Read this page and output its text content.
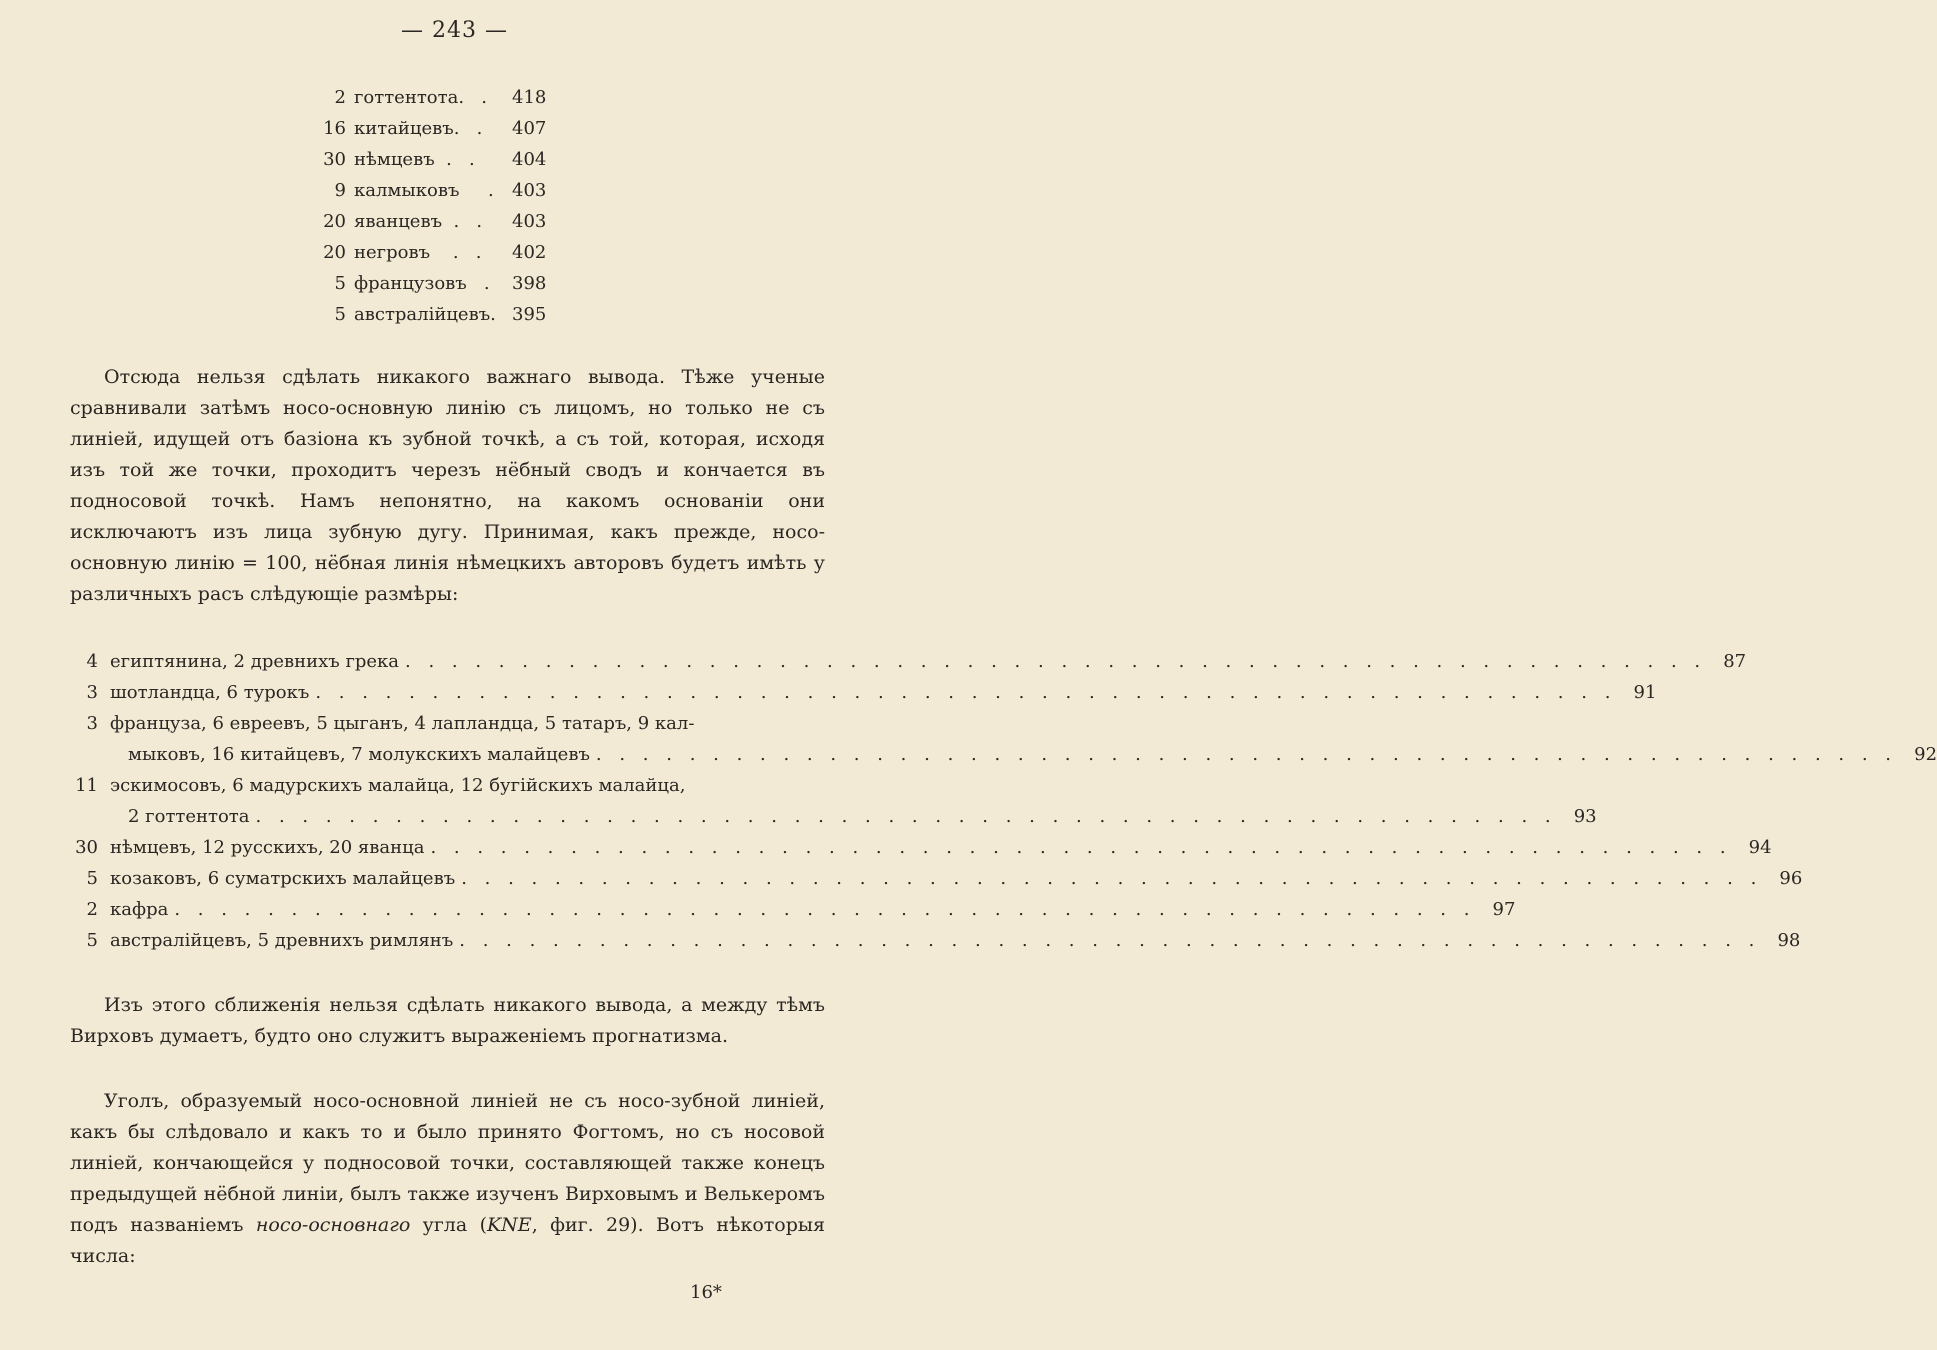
— 243 —
2 готтентота.   .	418
16 китайцевъ.   .	407
30 нѣмцевъ  .   .	404
9 калмыковъ     .	403
20 яванцевъ  .   .	403
20 негровъ    .   .	402
5 французовъ   .	398
5 австралiйцевъ. 395
Отсюда нельзя сдѣлать никакого важнаго вывода. Тѣже ученые сравнивали затѣмъ носо-основную линiю съ лицомъ, но только не съ линiей, идущей отъ базiона къ зубной точкѣ, а съ той, которая, исходя изъ той же точки, проходитъ черезъ нёбный сводъ и кончается въ подносовой точкѣ. Намъ непонятно, на какомъ основанiи они исключаютъ изъ лица зубную дугу. Принимая, какъ прежде, носо-основную линiю = 100, нёбная линiя нѣмецкихъ авторовъ будетъ имѣть у различныхъ расъ слѣдующiе размѣры:
4 египтянина, 2 древнихъ грека . . .	87
3 шотландца, 6 турокъ . . .	91
3 француза, 6 евреевъ, 5 цыганъ, 4 лапландца, 5 татаръ, 9 кал-
мыковъ, 16 китайцевъ, 7 молукскихъ малайцевъ . . .	92
11 эскимосовъ, 6 мадурскихъ малайца, 12 бугiйскихъ малайца,
2 готтентота . . .	93
30 нѣмцевъ, 12 русскихъ, 20 яванца . . .	94
5 козаковъ, 6 суматрскихъ малайцевъ . . .	96
2 кафра . . .	97
5 австралiйцевъ, 5 древнихъ римлянъ . . .	98
Изъ этого сближенiя нельзя сдѣлать никакого вывода, а между тѣмъ Вирховъ думаетъ, будто оно служитъ выраженiемъ прогнатизма.
Уголъ, образуемый носо-основной линiей не съ носо-зубной линiей, какъ бы слѣдовало и какъ то и было принято Фогтомъ, но съ носовой линiей, кончающейся у подносовой точки, составляющей также конецъ предыдущей нёбной линiи, былъ также изученъ Вирховымъ и Велькеромъ подъ названiемъ носо-основнаго угла (KNE, фиг. 29). Вотъ нѣкоторыя числа:
16*
